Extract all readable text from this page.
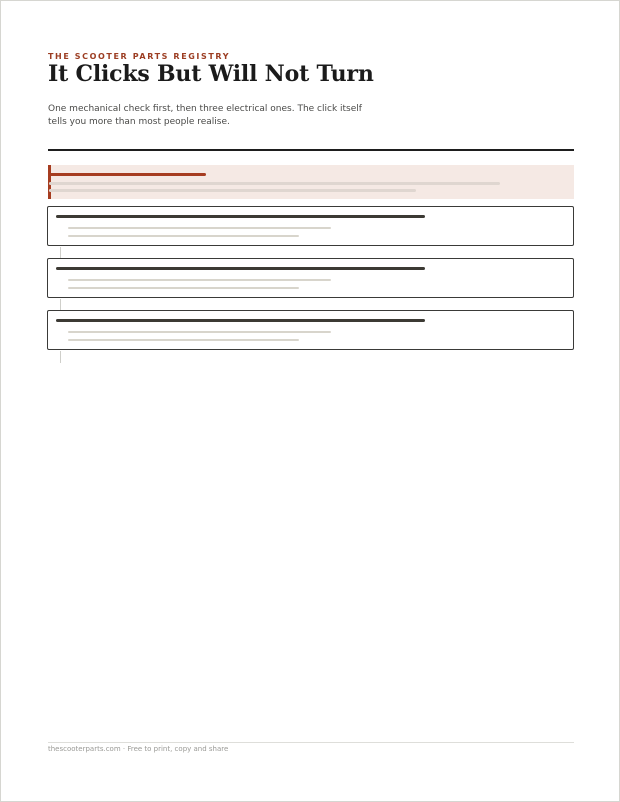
THE SCOOTER PARTS REGISTRY
It Clicks But Will Not Turn

One mechanical check first, then three electrical ones. The click itself tells you more than most people realise.

thescooterparts.com · Free to print, copy and share
